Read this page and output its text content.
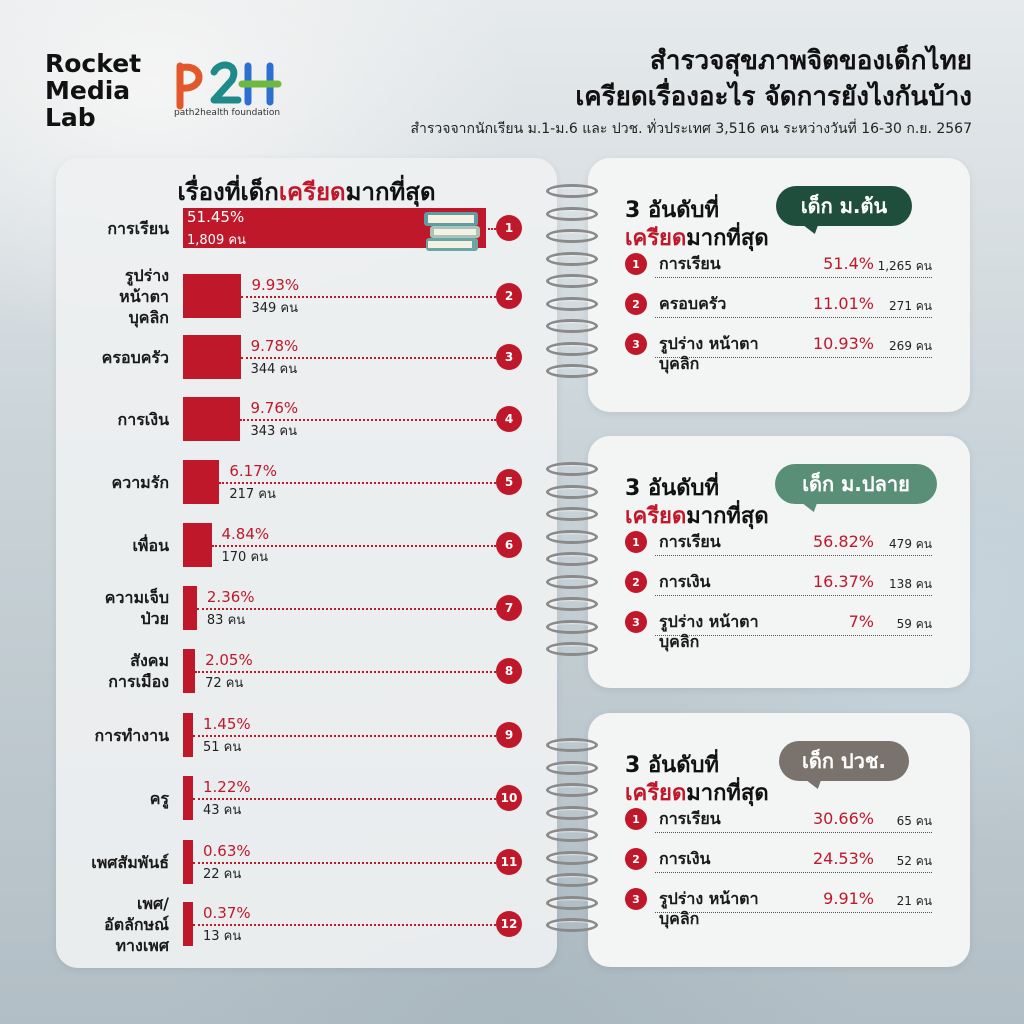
Rocket
Media
Lab	path2health foundation
สำรวจสุขภาพจิตของเด็กไทย
เครียดเรื่องอะไร จัดการยังไงกันบ้าง
สำรวจจากนักเรียน ม.1-ม.6 และ ปวช. ทั่วประเทศ 3,516 คน ระหว่างวันที่ 16-30 ก.ย. 2567
เรื่องที่เด็กเครียดมากที่สุด
การเรียน
51.45%
1,809 คน
1
รูปร่าง
หน้าตา
บุคลิก
9.93%
349 คน
2
ครอบครัว
9.78%
344 คน
3
การเงิน
9.76%
343 คน
4
ความรัก
6.17%
217 คน
5
เพื่อน
4.84%
170 คน
6
ความเจ็บ
ป่วย
2.36%
83 คน
7
สังคม
การเมือง
2.05%
72 คน
8
การทำงาน
1.45%
51 คน
9
ครู
1.22%
43 คน
10
เพศสัมพันธ์
0.63%
22 คน
11
เพศ/
อัตลักษณ์
ทางเพศ
0.37%
13 คน
12
3 อันดับที่
เครียดมากที่สุด
เด็ก ม.ต้น
1	การเรียน	51.4% 1,265 คน
2	ครอบครัว	11.01% 271 คน
3	รูปร่าง หน้าตา
บุคลิก
10.93% 269 คน
3 อันดับที่
เครียดมากที่สุด
เด็ก ม.ปลาย
1	การเรียน	56.82% 479 คน
2	การเงิน	16.37% 138 คน
3	รูปร่าง หน้าตา
บุคลิก
7% 59 คน
3 อันดับที่
เครียดมากที่สุด
เด็ก ปวช.
1	การเรียน	30.66% 65 คน
2	การเงิน	24.53% 52 คน
3	รูปร่าง หน้าตา
บุคลิก
9.91% 21 คน
